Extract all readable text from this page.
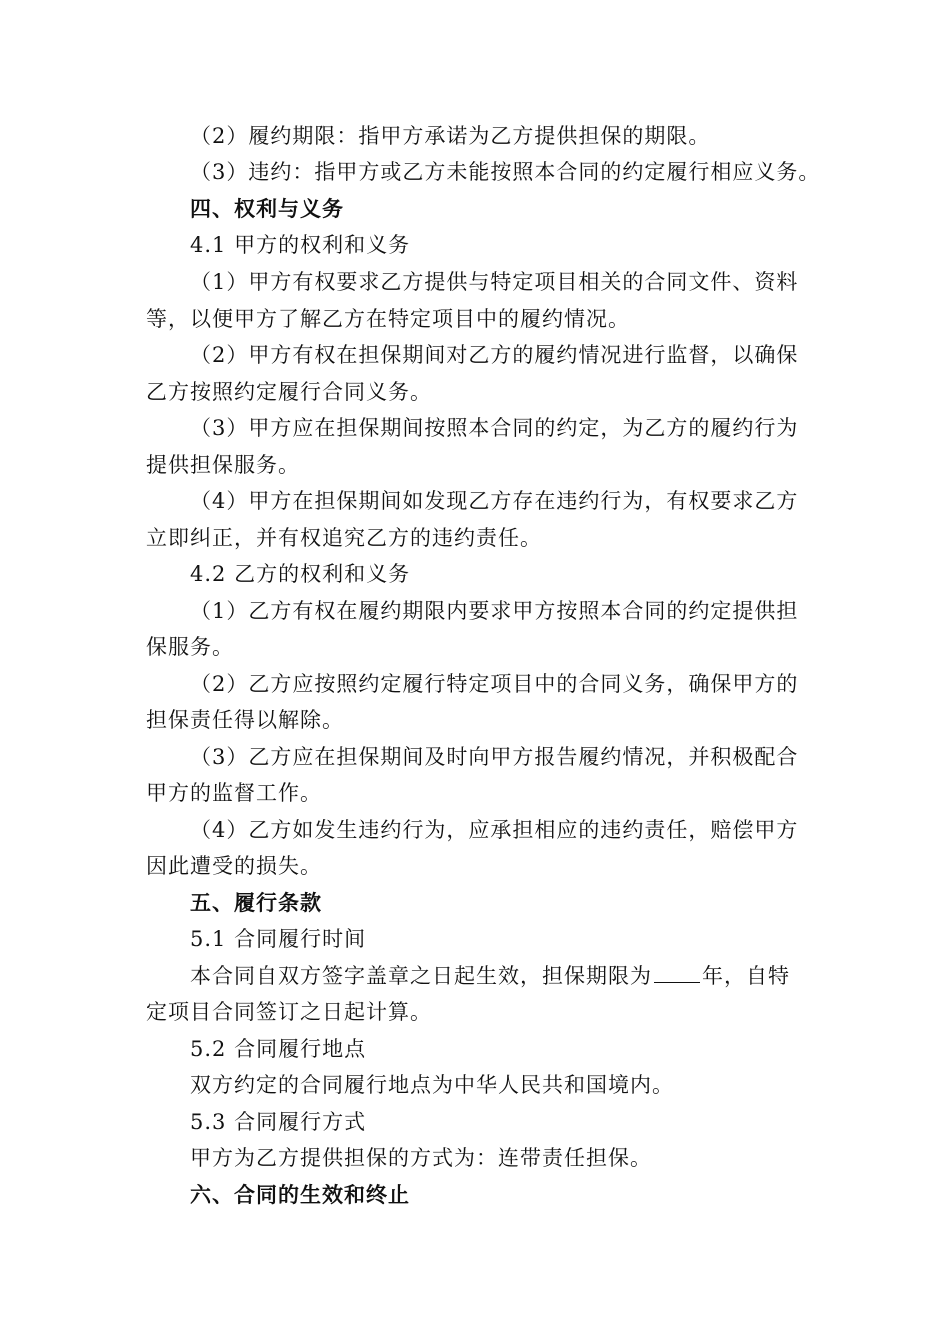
（2）履约期限：指甲方承诺为乙方提供担保的期限。
（3）违约：指甲方或乙方未能按照本合同的约定履行相应义务。
四、权利与义务
4.1 甲方的权利和义务
（1）甲方有权要求乙方提供与特定项目相关的合同文件、资料
等，以便甲方了解乙方在特定项目中的履约情况。
（2）甲方有权在担保期间对乙方的履约情况进行监督，以确保
乙方按照约定履行合同义务。
（3）甲方应在担保期间按照本合同的约定，为乙方的履约行为
提供担保服务。
（4）甲方在担保期间如发现乙方存在违约行为，有权要求乙方
立即纠正，并有权追究乙方的违约责任。
4.2 乙方的权利和义务
（1）乙方有权在履约期限内要求甲方按照本合同的约定提供担
保服务。
（2）乙方应按照约定履行特定项目中的合同义务，确保甲方的
担保责任得以解除。
（3）乙方应在担保期间及时向甲方报告履约情况，并积极配合
甲方的监督工作。
（4）乙方如发生违约行为，应承担相应的违约责任，赔偿甲方
因此遭受的损失。
五、履行条款
5.1 合同履行时间
本合同自双方签字盖章之日起生效，担保期限为 年，自特
定项目合同签订之日起计算。
5.2 合同履行地点
双方约定的合同履行地点为中华人民共和国境内。
5.3 合同履行方式
甲方为乙方提供担保的方式为：连带责任担保。
六、合同的生效和终止
